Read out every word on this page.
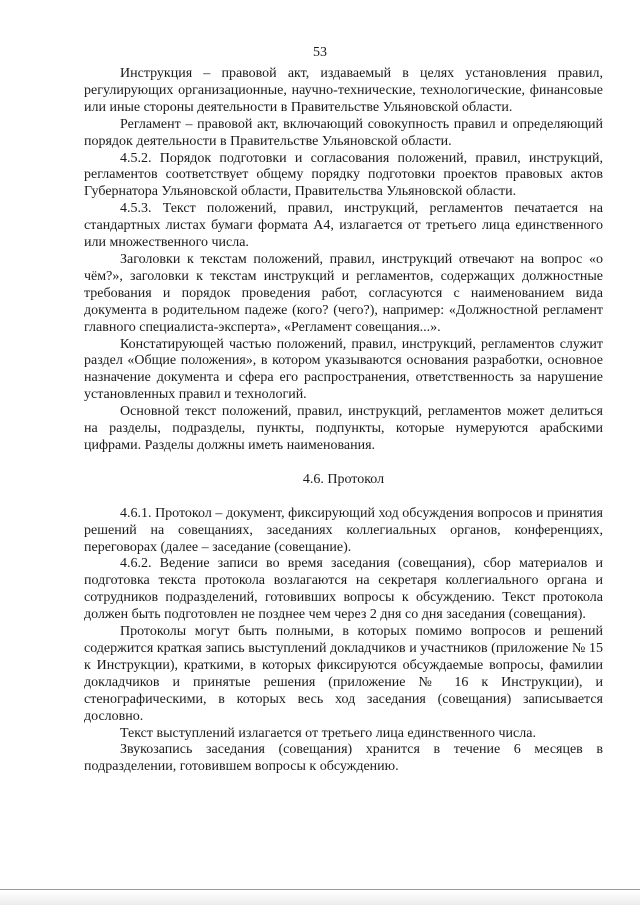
53

Инструкция – правовой акт, издаваемый в целях установления правил, регулирующих организационные, научно-технические, технологические, финансовые или иные стороны деятельности в Правительстве Ульяновской области.

Регламент – правовой акт, включающий совокупность правил и определяющий порядок деятельности в Правительстве Ульяновской области.

4.5.2. Порядок подготовки и согласования положений, правил, инструкций, регламентов соответствует общему порядку подготовки проектов правовых актов Губернатора Ульяновской области, Правительства Ульяновской области.

4.5.3. Текст положений, правил, инструкций, регламентов печатается на стандартных листах бумаги формата А4, излагается от третьего лица единственного или множественного числа.

Заголовки к текстам положений, правил, инструкций отвечают на вопрос «о чём?», заголовки к текстам инструкций и регламентов, содержащих должностные требования и порядок проведения работ, согласуются с наименованием вида документа в родительном падеже (кого? (чего?), например: «Должностной регламент главного специалиста-эксперта», «Регламент совещания...».

Констатирующей частью положений, правил, инструкций, регламентов служит раздел «Общие положения», в котором указываются основания разработки, основное назначение документа и сфера его распространения, ответственность за нарушение установленных правил и технологий.

Основной текст положений, правил, инструкций, регламентов может делиться на разделы, подразделы, пункты, подпункты, которые нумеруются арабскими цифрами. Разделы должны иметь наименования.

4.6. Протокол

4.6.1. Протокол – документ, фиксирующий ход обсуждения вопросов и принятия решений на совещаниях, заседаниях коллегиальных органов, конференциях, переговорах (далее – заседание (совещание).

4.6.2. Ведение записи во время заседания (совещания), сбор материалов и подготовка текста протокола возлагаются на секретаря коллегиального органа и сотрудников подразделений, готовивших вопросы к обсуждению. Текст протокола должен быть подготовлен не позднее чем через 2 дня со дня заседания (совещания).

Протоколы могут быть полными, в которых помимо вопросов и решений содержится краткая запись выступлений докладчиков и участников (приложение № 15 к Инструкции), краткими, в которых фиксируются обсуждаемые вопросы, фамилии докладчиков и принятые решения (приложение № 16 к Инструкции), и стенографическими, в которых весь ход заседания (совещания) записывается дословно.

Текст выступлений излагается от третьего лица единственного числа.

Звукозапись заседания (совещания) хранится в течение 6 месяцев в подразделении, готовившем вопросы к обсуждению.
